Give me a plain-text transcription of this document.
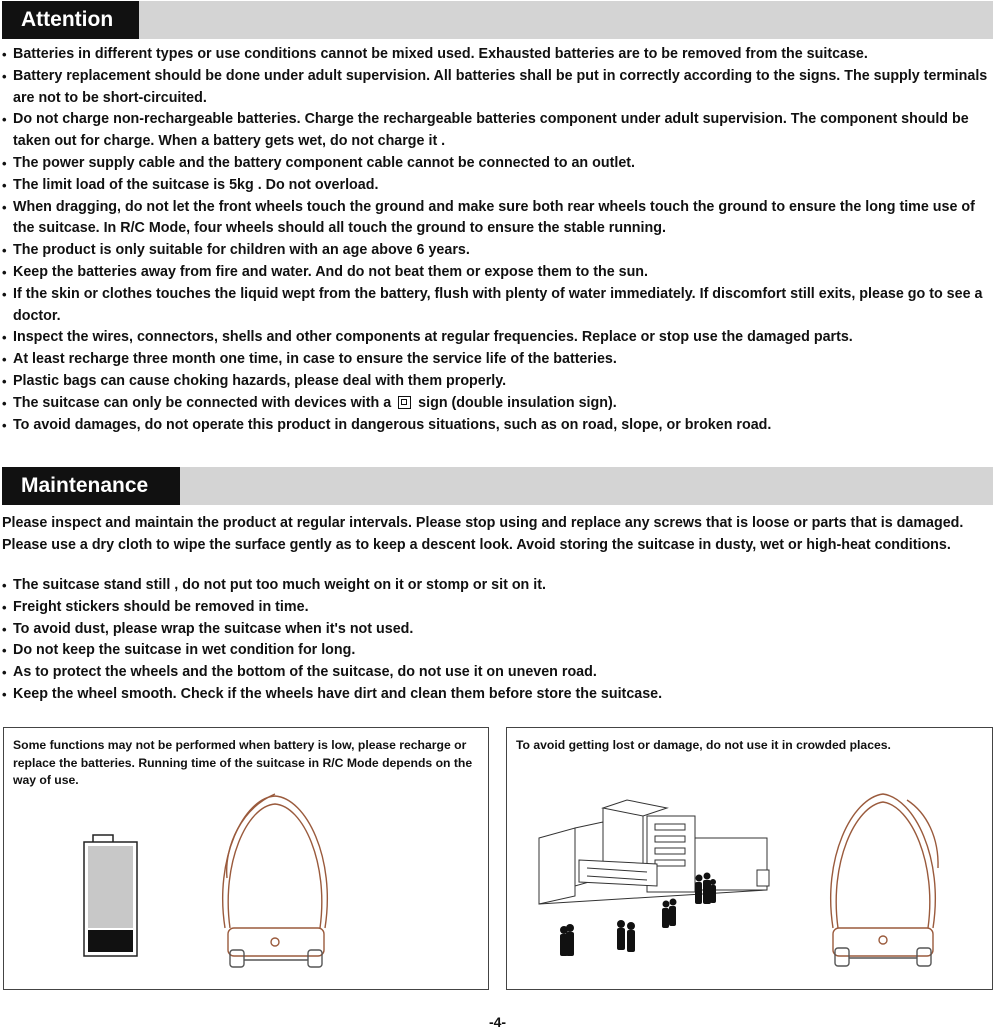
Attention
• Batteries in different types or use conditions cannot be mixed used. Exhausted batteries are to be removed from the suitcase.
• Battery replacement should be done under adult supervision. All batteries shall be put in correctly according to the signs. The supply terminals are not to be short-circuited.
• Do not charge non-rechargeable batteries. Charge the rechargeable batteries component under adult supervision. The component should be taken out for charge. When a battery gets wet, do not charge it .
• The power supply cable and the battery component cable cannot be connected to an outlet.
• The limit load of the suitcase is 5kg . Do not overload.
• When dragging, do not let the front wheels touch the ground and make sure both rear wheels touch the ground to ensure the long time use of the suitcase. In R/C Mode, four wheels should all touch the ground to ensure the stable running.
• The product is only suitable for children with an age above 6 years.
• Keep the batteries away from fire and water. And do not beat them or expose them to the sun.
• If the skin or clothes touches the liquid wept from the battery, flush with plenty of water immediately. If discomfort still exits, please go to see a doctor.
• Inspect the wires, connectors, shells and other components at regular frequencies. Replace or stop use the damaged parts.
• At least recharge three month one time, in case to ensure the service life of the batteries.
• Plastic bags can cause choking hazards, please deal with them properly.
• The suitcase can only be connected with devices with a sign (double insulation sign).
• To avoid damages, do not operate this product in dangerous situations, such as on road, slope, or broken road.
Maintenance

Please inspect and maintain the product at regular intervals. Please stop using and replace any screws that is loose or parts that is damaged. Please use a dry cloth to wipe the surface gently as to keep a descent look. Avoid storing the suitcase in dusty, wet or high-heat conditions.

• The suitcase stand still , do not put too much weight on it or stomp or sit on it.
• Freight stickers should be removed in time.
• To avoid dust, please wrap the suitcase when it's not used.
• Do not keep the suitcase in wet condition for long.
• As to protect the wheels and the bottom of the suitcase, do not use it on uneven road.
• Keep the wheel smooth. Check if the wheels have dirt and clean them before store the suitcase.

Some functions may not be performed when battery is low, please recharge or replace the batteries. Running time of the suitcase in R/C Mode depends on the way of use.

To avoid getting lost or damage, do not use it in crowded places.

-4-
